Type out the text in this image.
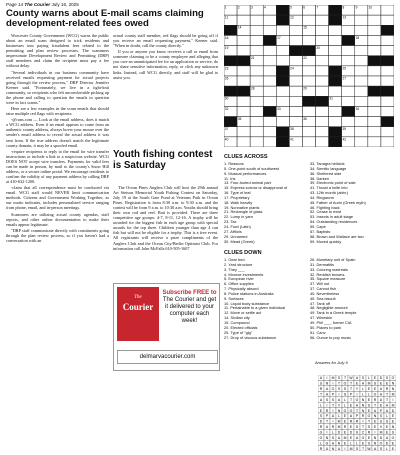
Page 14 The Courier July 16, 2025
County warns about E-mail scams claiming development-related fees owed

Worcester County Government (WCG) warns the public about an email scam designed to trick residents and businesses into paying fraudulent fees related to the permitting and plan review processes. The scammers impersonate Development Review and Permitting (DRP) staff members and claim the recipient must pay a fee without delay.

"Several individuals in our business community have received emails requesting payment for actual projects going through the review process," DRP Director Jennifer Keener said. "Fortunately, we live in a tight-knit community, so recipients who felt uncomfortable picking up the phone and calling to question the emails in question were in fact scams."

Here are a few examples in the scam emails that should raise multiple red flags with recipients:

-@runs.com — Look at the email address, does it match a WCG address. Even if an email appears to come from an authentic county address, always hover your mouse over the sender's email address to reveal the actual address it was sent from. If the true address doesn't match the legitimate county domain, it may be a spoofed email.

-require recipients to reply to the email for wire transfer instructions or include a link to a suspicious website. WCG DOES NOT accept wire transfers. Payments for valid fees can be made in person, by mail to the county's Snow Hill address, or a secure online portal. We encourage residents to confirm the validity of any payment address by calling DRP at 410-632-1200.

-claim that all correspondence must be conducted via email. WCG staff would NEVER limit communication methods. Citizens and Government Working Together, as our motto indicates, includes personalized service ranging from phone, email, and in-person meetings.

Scammers are utilizing actual county agendas, staff reports, and other online documentation to make their emails appear legitimate.

"DRP staff communicate directly with constituents going through the plan review process, so if you haven't had a conversation with an

actual county staff member, red flags should be going off if you receive an email requesting payment," Keener said. "When in doubt, call the county directly."

If you or anyone you know receives a call or email from someone claiming to be a county employee and alleging that you owe an unanticipated fee for an application or service, do not share sensitive information, reply, or click any unknown links. Instead, call WCG directly, and staff will be glad to assist you.

Youth fishing contest is Saturday

The Ocean Pines Anglers Club will host the 29th annual Art Stetson Memorial Youth Fishing Contest on Saturday, July 19 at the South Gate Pond at Veterans Park in Ocean Pines. Registration is from 8:30 a.m. to 9:30 a.m. and the contest will be from 9 a.m. to 10:30 a.m. Youths should bring their own rod and reel. Bait is provided. There are three competitive age groups: 4-7, 8-11, 12-16. A trophy will be awarded for the biggest fish in each age group with special awards for the top three. Children younger than age 4 can fish but will not be eligible for a trophy. This is a free event. All registrants will receive a prize compliments of the Anglers Club and the Ocean City/Berlin Optimist Club. For information call John McFalls 610-505-1607

The
Courier
Subscribe FREE to
The Courier and get it delivered to your computer each week!
delmarvacourier.com
1	2	3	4	5	6	7	8	9	10
11	12	13
14	15
16	17	18
19	20
21	22
23	24	25
26	27
28	29
30	31
32	33	34
35	36
37	38	39
40	41	42
CLUES ACROSS
1. Reasons
5. One-point south of southwest
9. Musical performances
11. Iris
13. Four-footed animal part
15. Express sorrow or disapproval of
16. Type of leaf
17. Proprietary
18. Walk heavily
19. Nonnative plants
21. Rectangle of glass
22. Lump in yarn
23. Tax
24. Fowl (Latin)
27. Afflicts
29. Unnamed
30. Mead (Greek)
33. Tanagra helicids
34. Semitic language
36. Sheltered side
38. Darken
39. Electronic point of sale
41. Throat a knife into
43. 12th month (abbr.)
44. Ringworm
45. Father of Aurin (Greek myth)
46. Fighting back
52. Cease to exist
53. Insects in adult stage
54. Outstanding residences
55. Cape
57. Baptists
58. Brown and Wallace are two
59. Moved quickly
CLUES DOWN
1. Gear bed
2. Yard structure
3. They ___
4. Monroe investments
5. European river
6. Office supplies
7. Physically absurd
8. Police stations in Australia
9. Surfaces
10. Liquid body substance
11. Pertainable to a given individual
12. Move or settle act
14. Sicilian city
15. Compound
20. Elected officials
25. Type of "gig"
27. Drop of viscous substance
26. Monetary unit of Spain
31. Dermatitis
33. Coloring materials
32. Reddish browns
35. Square measure
37. Will not
37. Cannot fish
40. Nevertheless
45. Sea biscuit
47. Tank off
48. Negligible amount
49. Tank in a Greek temple
47. Wineskin
49. Phil ___, former CIA
50. Places to park
51. Canv
56. Ounce to pop music
Answers for July 9
A I M S T W A S L E D S O
U N I T O T E A M S E E N
R A O S S T Y L E E A R N
T A P I S P I L L O A T M
A S S A L T O N E R U T I
L I T Y L E A N S T E A M
E R I N G O T N E A P A D
S P A L E A P R O N S L E
D T I M E R R I T E U S E
R A R M R E S T S E V E N
G I L D E D S C R I M E S
O N S A M E A G E N D A O
L G A N E L L E S N O D E
R U N A I M S T W A S L E
